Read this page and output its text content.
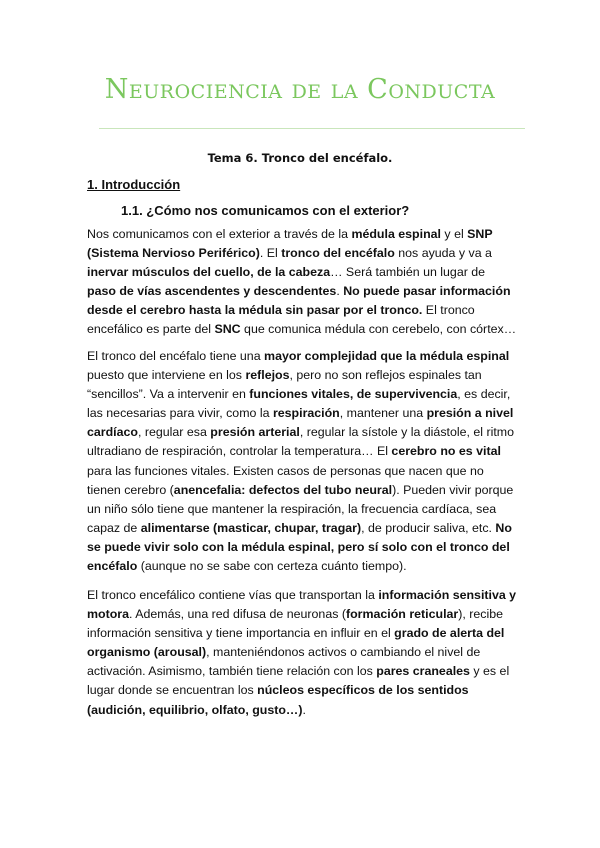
Neurociencia de la Conducta
Tema 6. Tronco del encéfalo.
1. Introducción
1.1. ¿Cómo nos comunicamos con el exterior?

Nos comunicamos con el exterior a través de la médula espinal y el SNP (Sistema Nervioso Periférico). El tronco del encéfalo nos ayuda y va a inervar músculos del cuello, de la cabeza… Será también un lugar de paso de vías ascendentes y descendentes. No puede pasar información desde el cerebro hasta la médula sin pasar por el tronco. El tronco encefálico es parte del SNC que comunica médula con cerebelo, con córtex…

El tronco del encéfalo tiene una mayor complejidad que la médula espinal puesto que interviene en los reflejos, pero no son reflejos espinales tan “sencillos”. Va a intervenir en funciones vitales, de supervivencia, es decir, las necesarias para vivir, como la respiración, mantener una presión a nivel cardíaco, regular esa presión arterial, regular la sístole y la diástole, el ritmo ultradiano de respiración, controlar la temperatura… El cerebro no es vital para las funciones vitales. Existen casos de personas que nacen que no tienen cerebro (anencefalia: defectos del tubo neural). Pueden vivir porque un niño sólo tiene que mantener la respiración, la frecuencia cardíaca, sea capaz de alimentarse (masticar, chupar, tragar), de producir saliva, etc. No se puede vivir solo con la médula espinal, pero sí solo con el tronco del encéfalo (aunque no se sabe con certeza cuánto tiempo).

El tronco encefálico contiene vías que transportan la información sensitiva y motora. Además, una red difusa de neuronas (formación reticular), recibe información sensitiva y tiene importancia en influir en el grado de alerta del organismo (arousal), manteniéndonos activos o cambiando el nivel de activación. Asimismo, también tiene relación con los pares craneales y es el lugar donde se encuentran los núcleos específicos de los sentidos (audición, equilibrio, olfato, gusto…).
